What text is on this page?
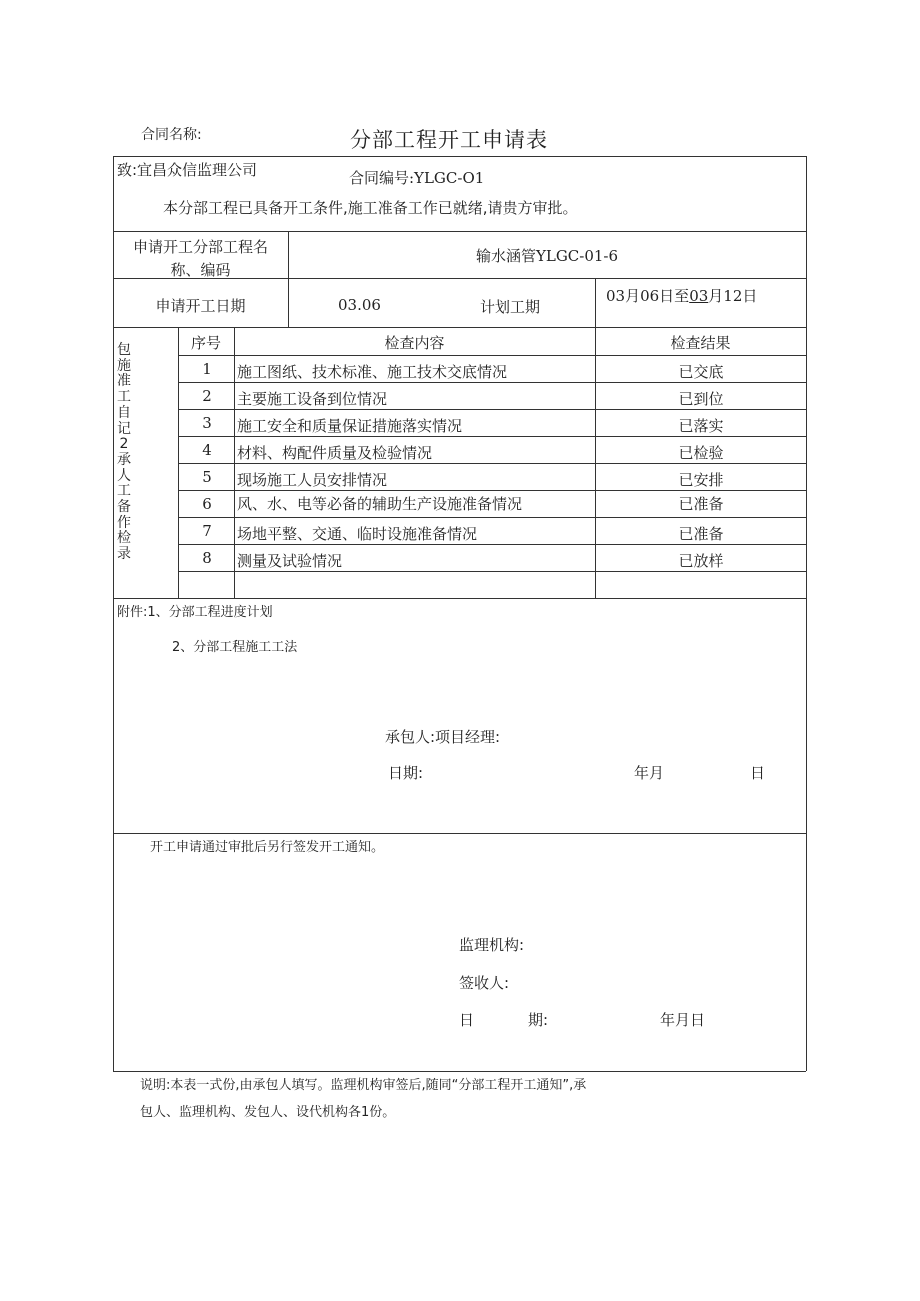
合同名称:	分部工程开工申请表
致:宜昌众信监理公司	合同编号:YLGC-O1
本分部工程已具备开工条件,施工准备工作已就绪,请贵方审批。
申请开工分部工程名
称、编码
输水涵管YLGC-01-6
申请开工日期	03.06	计划工期
03月06日至03月12日
包施准工自记2承人工备作检录
序号	检查内容	检查结果
1	施工图纸、技术标准、施工技术交底情况	已交底
2	主要施工设备到位情况	已到位
3	施工安全和质量保证措施落实情况	已落实
4	材料、构配件质量及检验情况	已检验
5	现场施工人员安排情况	已安排
6	风、水、电等必备的辅助生产设施准备情况	已准备
7	场地平整、交通、临时设施准备情况	已准备
8	测量及试验情况	已放样
附件:1、分部工程进度计划
2、分部工程施工工法
承包人:项目经理:
日期:	年月	日
开工申请通过审批后另行签发开工通知。
监理机构:
签收人:
日	期:	年月日
说明:本表一式份,由承包人填写。监理机构审签后,随同“分部工程开工通知”,承
包人、监理机构、发包人、设代机构各1份。
